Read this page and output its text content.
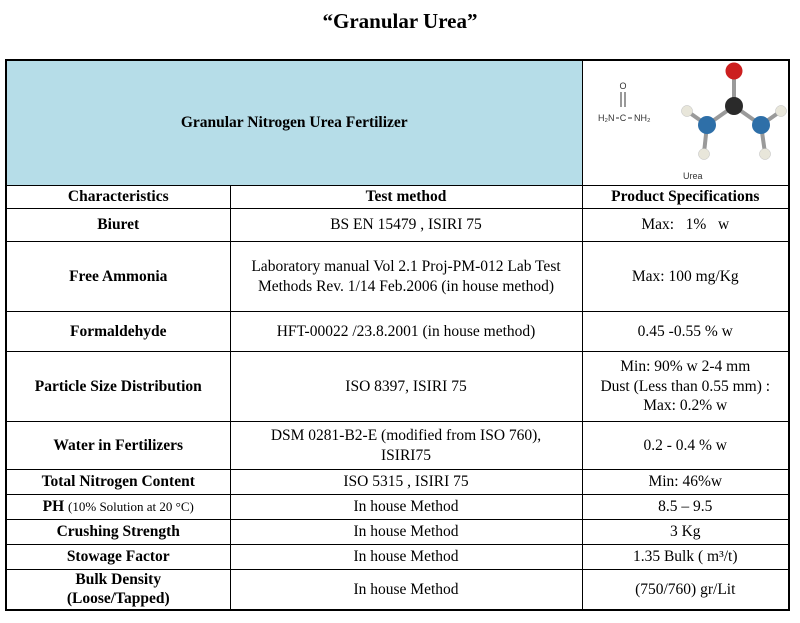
“Granular Urea”
Granular Nitrogen Urea Fertilizer		O
H₂N C NH₂
Urea

Characteristics	Test method	Product Specifications
Biuret	BS EN 15479 , ISIRI 75	Max:   1%   w
Free Ammonia	Laboratory manual Vol 2.1 Proj-PM-012 Lab Test Methods Rev. 1/14 Feb.2006 (in house method)	Max: 100 mg/Kg
Formaldehyde	HFT-00022 /23.8.2001 (in house method)	0.45 -0.55 % w
Particle Size Distribution	ISO 8397, ISIRI 75	Min: 90% w 2-4 mm
Dust (Less than 0.55 mm) : Max: 0.2% w

Water in Fertilizers	DSM 0281-B2-E (modified from ISO 760), ISIRI75	0.2 - 0.4 % w
Total Nitrogen Content	ISO 5315 , ISIRI 75	Min: 46%w
PH (10% Solution at 20 °C)	In house Method	8.5 – 9.5
Crushing Strength	In house Method	3 Kg
Stowage Factor	In house Method	1.35 Bulk ( m³/t)

Bulk Density
(Loose/Tapped)	In house Method	(750/760) gr/Lit
